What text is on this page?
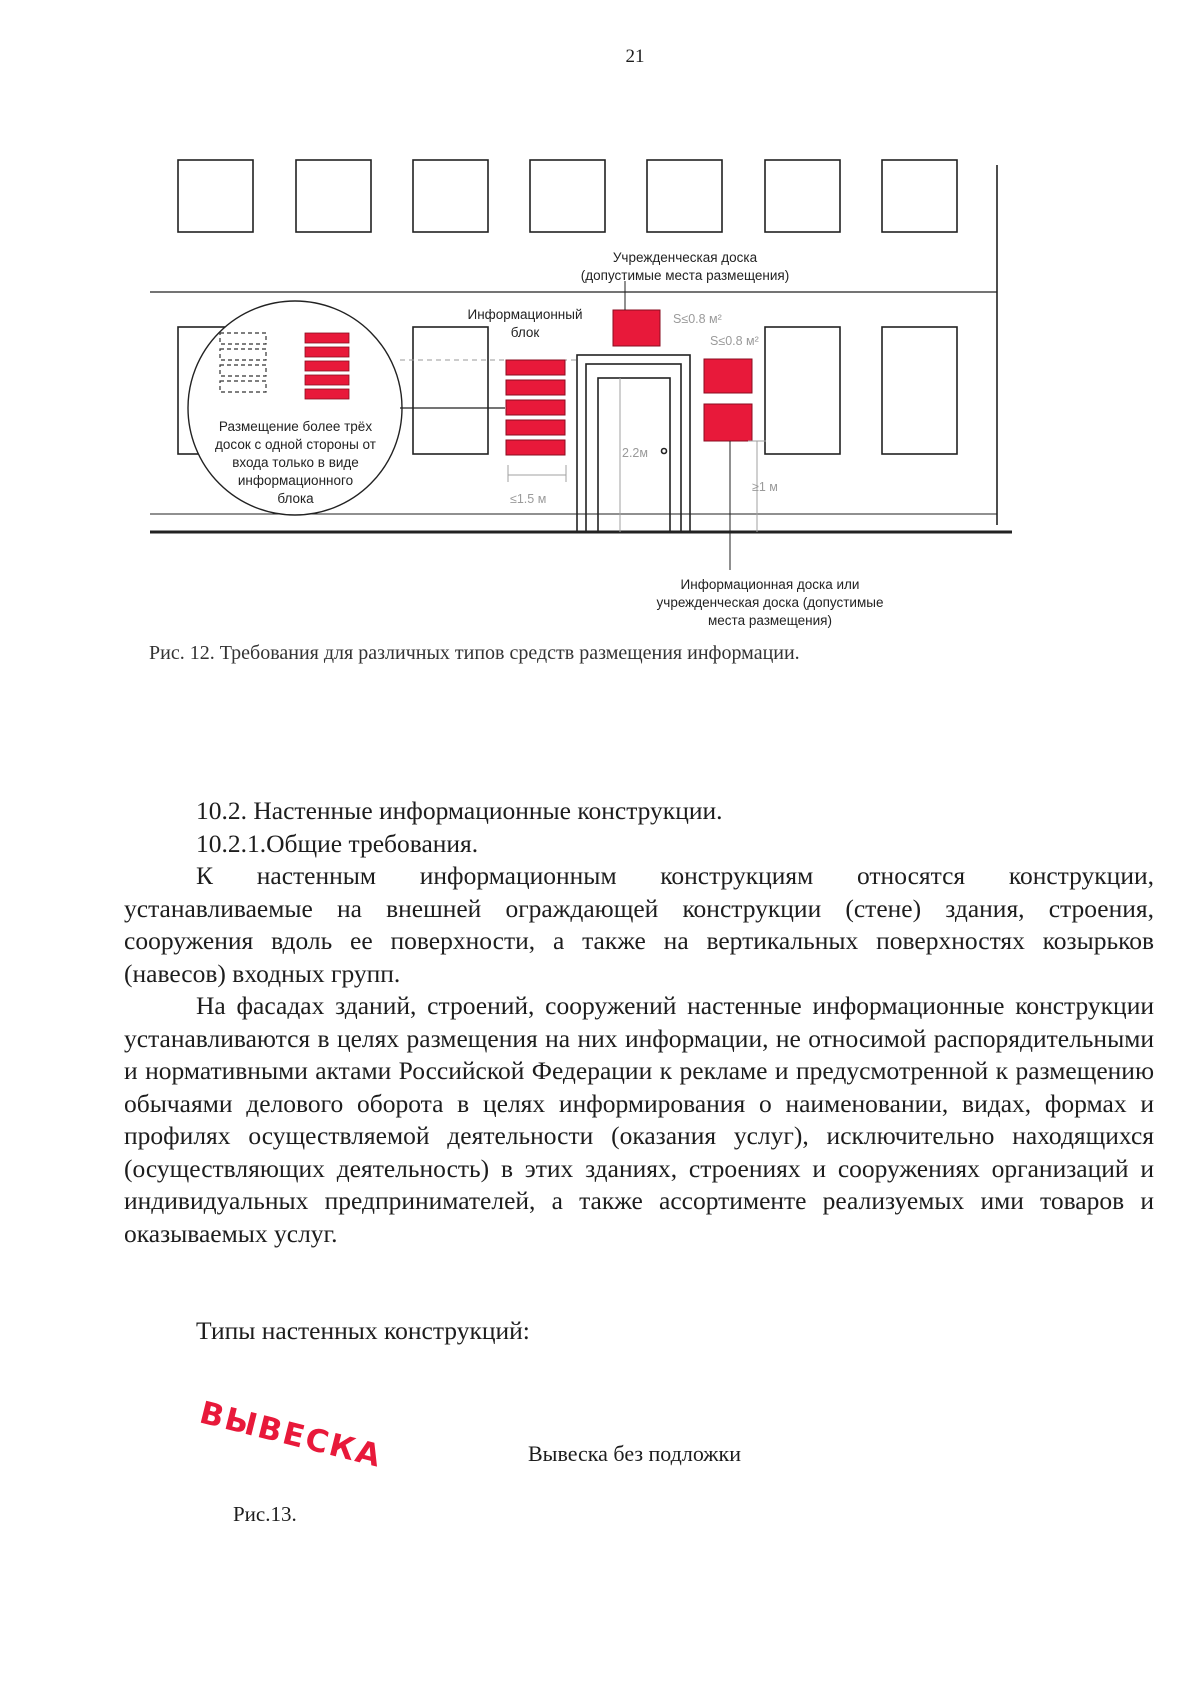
21
Учрежденческая доска
(допустимые места размещения)
Информационный
блок
S≤0.8 м²
S≤0.8 м²
Размещение более трёх
досок с одной стороны от
входа только в виде
информационного
блока	≤1.5 м
2.2м
≥1 м
Информационная доска или
учрежденческая доска (допустимые
места размещения)
Рис. 12. Требования для различных типов средств размещения информации.

10.2. Настенные информационные конструкции.

10.2.1.Общие требования.

К настенным информационным конструкциям относятся конструкции, устанавливаемые на внешней ограждающей конструкции (стене) здания, строения, сооружения вдоль ее поверхности, а также на вертикальных поверхностях козырьков (навесов) входных групп.

На фасадах зданий, строений, сооружений настенные информационные конструкции устанавливаются в целях размещения на них информации, не относимой распорядительными и нормативными актами Российской Федерации к рекламе и предусмотренной к размещению обычаями делового оборота в целях информирования о наименовании, видах, формах и профилях осуществляемой деятельности (оказания услуг), исключительно находящихся (осуществляющих деятельность) в этих зданиях, строениях и сооружениях организаций и индивидуальных предпринимателей, а также ассортименте реализуемых ими товаров и оказываемых услуг.

Типы настенных конструкций:
ВЫВЕСКА	Вывеска без подложки
Рис.13.
